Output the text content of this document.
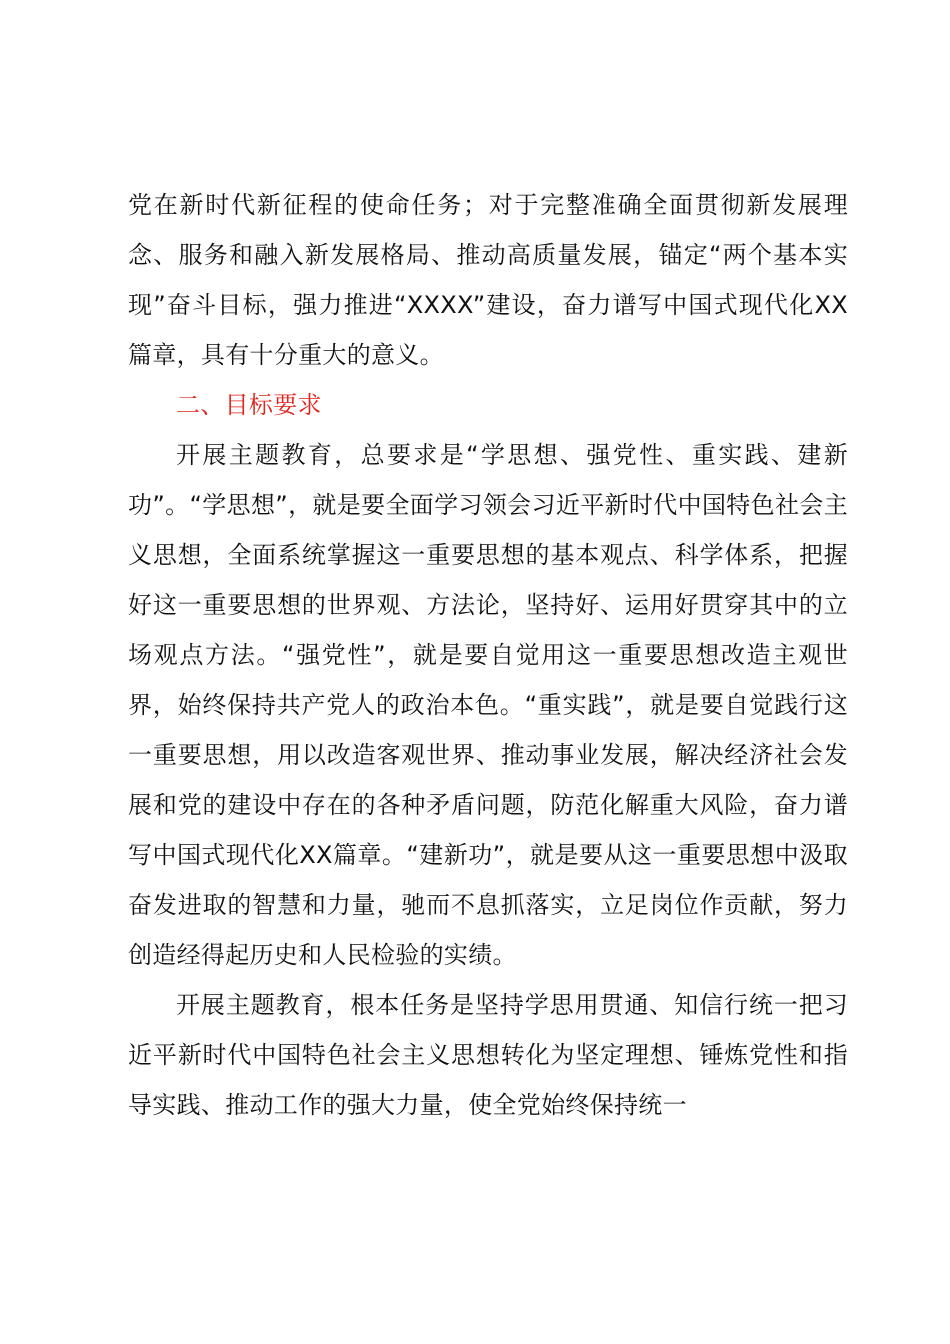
党在新时代新征程的使命任务；对于完整准确全面贯彻新发展理念、服务和融入新发展格局、推动高质量发展，锚定“两个基本实现”奋斗目标，强力推进“XXXX”建设，奋力谱写中国式现代化XX篇章，具有十分重大的意义。

二、目标要求

开展主题教育，总要求是“学思想、强党性、重实践、建新功”。“学思想”，就是要全面学习领会习近平新时代中国特色社会主义思想，全面系统掌握这一重要思想的基本观点、科学体系，把握好这一重要思想的世界观、方法论，坚持好、运用好贯穿其中的立场观点方法。“强党性”，就是要自觉用这一重要思想改造主观世界，始终保持共产党人的政治本色。“重实践”，就是要自觉践行这一重要思想，用以改造客观世界、推动事业发展，解决经济社会发展和党的建设中存在的各种矛盾问题，防范化解重大风险，奋力谱写中国式现代化XX篇章。“建新功”，就是要从这一重要思想中汲取奋发进取的智慧和力量，驰而不息抓落实，立足岗位作贡献，努力创造经得起历史和人民检验的实绩。

开展主题教育，根本任务是坚持学思用贯通、知信行统一把习近平新时代中国特色社会主义思想转化为坚定理想、锤炼党性和指导实践、推动工作的强大力量，使全党始终保持统一
